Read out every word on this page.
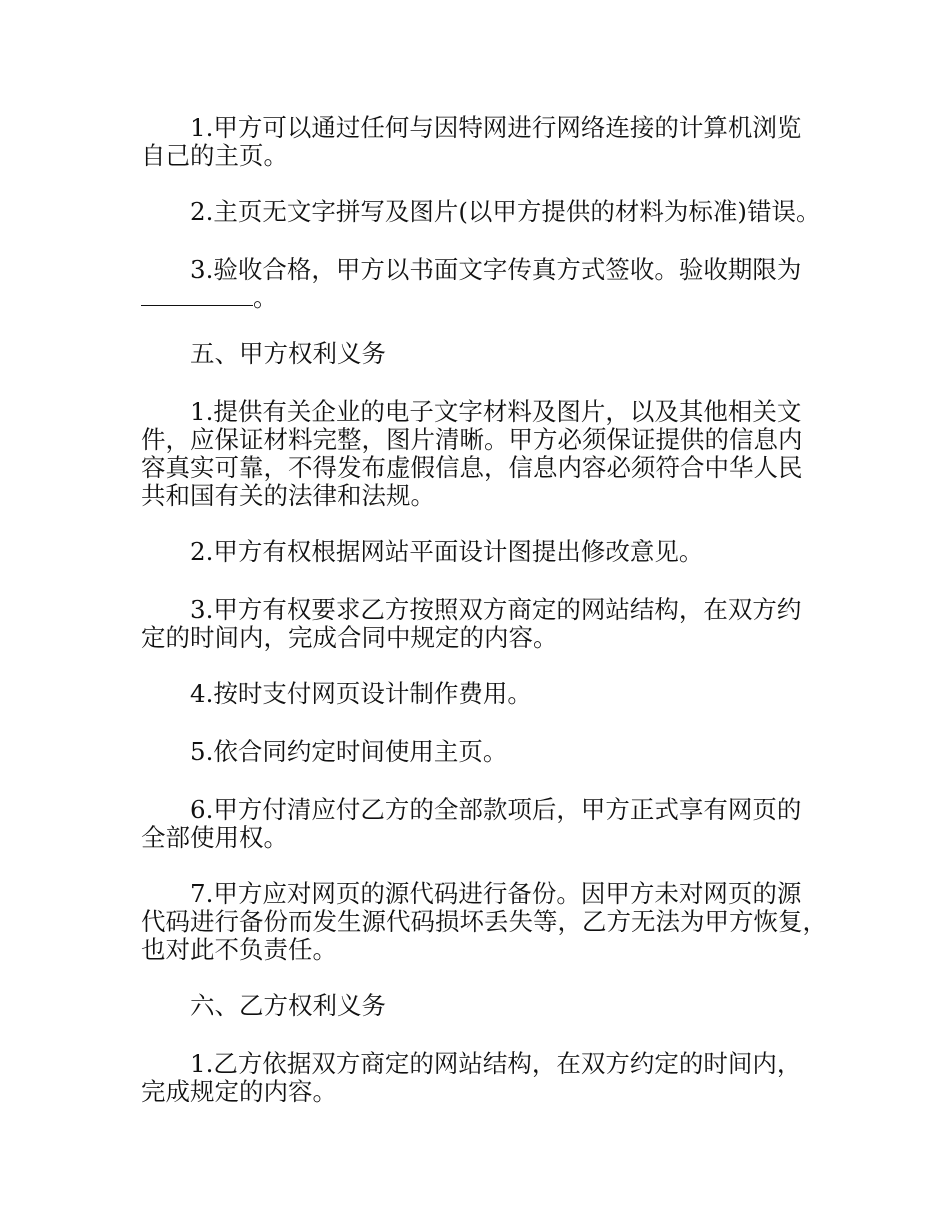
1.甲方可以通过任何与因特网进行网络连接的计算机浏览
自己的主页。
2.主页无文字拼写及图片(以甲方提供的材料为标准)错误。
3.验收合格，甲方以书面文字传真方式签收。验收期限为
。
五、甲方权利义务
1.提供有关企业的电子文字材料及图片，以及其他相关文
件，应保证材料完整，图片清晰。甲方必须保证提供的信息内
容真实可靠，不得发布虚假信息，信息内容必须符合中华人民
共和国有关的法律和法规。
2.甲方有权根据网站平面设计图提出修改意见。
3.甲方有权要求乙方按照双方商定的网站结构，在双方约
定的时间内，完成合同中规定的内容。
4.按时支付网页设计制作费用。
5.依合同约定时间使用主页。
6.甲方付清应付乙方的全部款项后，甲方正式享有网页的
全部使用权。
7.甲方应对网页的源代码进行备份。因甲方未对网页的源
代码进行备份而发生源代码损坏丢失等，乙方无法为甲方恢复，
也对此不负责任。
六、乙方权利义务
1.乙方依据双方商定的网站结构，在双方约定的时间内，
完成规定的内容。
